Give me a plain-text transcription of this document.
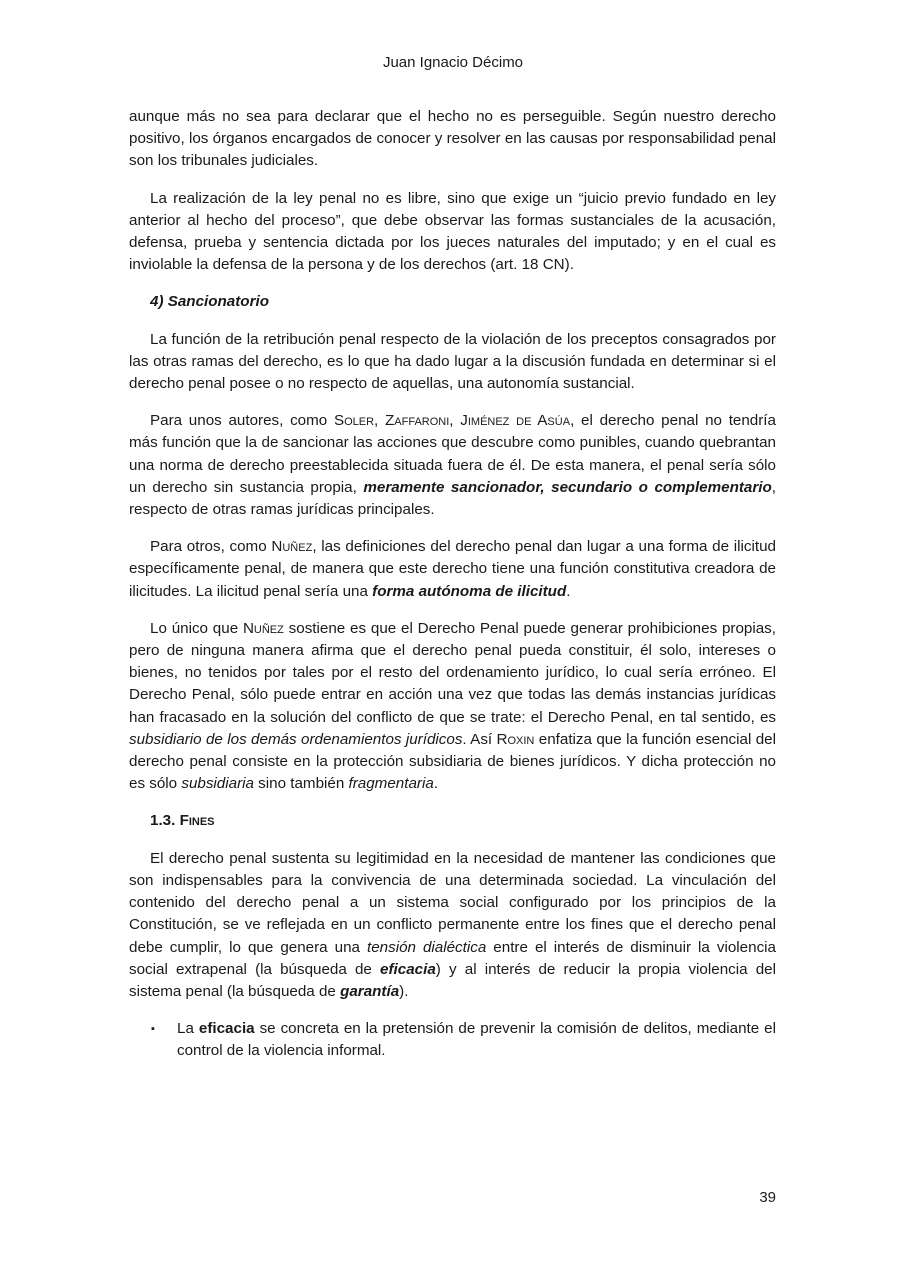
Juan Ignacio Décimo

aunque más no sea para declarar que el hecho no es perseguible. Según nuestro derecho positivo, los órganos encargados de conocer y resolver en las causas por responsabilidad penal son los tribunales judiciales.

La realización de la ley penal no es libre, sino que exige un “juicio previo fundado en ley anterior al hecho del proceso”, que debe observar las formas sustanciales de la acusación, defensa, prueba y sentencia dictada por los jueces naturales del imputado; y en el cual es inviolable la defensa de la persona y de los derechos (art. 18 CN).

4) Sancionatorio

La función de la retribución penal respecto de la violación de los preceptos consagrados por las otras ramas del derecho, es lo que ha dado lugar a la discusión fundada en determinar si el derecho penal posee o no respecto de aquellas, una autonomía sustancial.

Para unos autores, como Soler, Zaffaroni, Jiménez de Asúa, el derecho penal no tendría más función que la de sancionar las acciones que descubre como punibles, cuando quebrantan una norma de derecho preestablecida situada fuera de él. De esta manera, el penal sería sólo un derecho sin sustancia propia, meramente sancionador, secundario o complementario, respecto de otras ramas jurídicas principales.

Para otros, como Nuñez, las definiciones del derecho penal dan lugar a una forma de ilicitud específicamente penal, de manera que este derecho tiene una función constitutiva creadora de ilicitudes. La ilicitud penal sería una forma autónoma de ilicitud.

Lo único que Nuñez sostiene es que el Derecho Penal puede generar prohibiciones propias, pero de ninguna manera afirma que el derecho penal pueda constituir, él solo, intereses o bienes, no tenidos por tales por el resto del ordenamiento jurídico, lo cual sería erróneo. El Derecho Penal, sólo puede entrar en acción una vez que todas las demás instancias jurídicas han fracasado en la solución del conflicto de que se trate: el Derecho Penal, en tal sentido, es subsidiario de los demás ordenamientos jurídicos. Así Roxin enfatiza que la función esencial del derecho penal consiste en la protección subsidiaria de bienes jurídicos. Y dicha protección no es sólo subsidiaria sino también fragmentaria.

1.3. Fines

El derecho penal sustenta su legitimidad en la necesidad de mantener las condiciones que son indispensables para la convivencia de una determinada sociedad. La vinculación del contenido del derecho penal a un sistema social configurado por los principios de la Constitución, se ve reflejada en un conflicto permanente entre los fines que el derecho penal debe cumplir, lo que genera una tensión dialéctica entre el interés de disminuir la violencia social extrapenal (la búsqueda de eficacia) y al interés de reducir la propia violencia del sistema penal (la búsqueda de garantía).

▪ La eficacia se concreta en la pretensión de prevenir la comisión de delitos, mediante el control de la violencia informal.
39
